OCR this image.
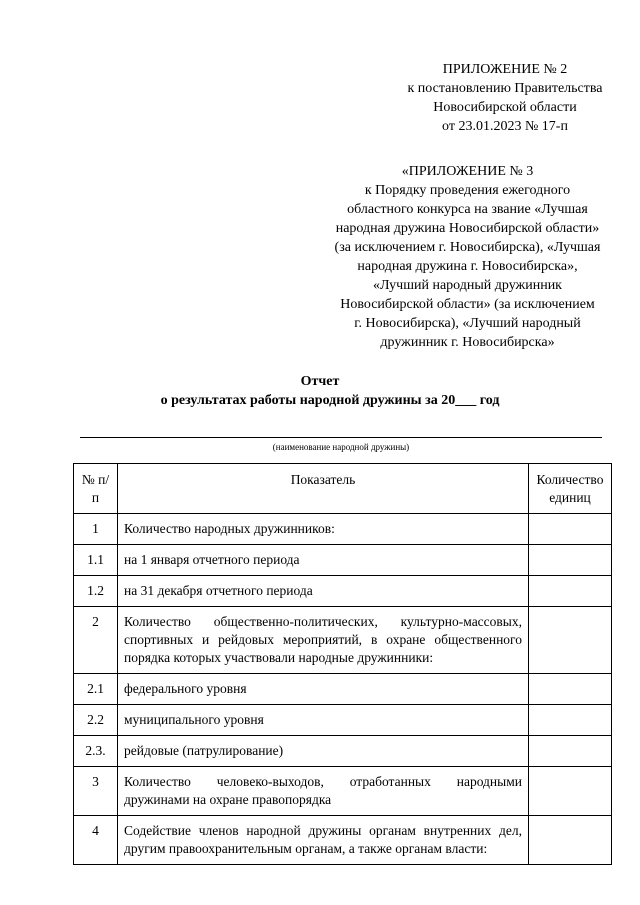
ПРИЛОЖЕНИЕ № 2
к постановлению Правительства
Новосибирской области
от 23.01.2023 № 17-п
«ПРИЛОЖЕНИЕ № 3
к Порядку проведения ежегодного
областного конкурса на звание «Лучшая
народная дружина Новосибирской области»
(за исключением г. Новосибирска), «Лучшая
народная дружина г. Новосибирска»,
«Лучший народный дружинник
Новосибирской области» (за исключением
г. Новосибирска), «Лучший народный
дружинник г. Новосибирска»
Отчет
о результатах работы народной дружины за 20___ год
(наименование народной дружины)
№ п/п	Показатель	Количество единиц
1	Количество народных дружинников:	
1.1	на 1 января отчетного периода	
1.2	на 31 декабря отчетного периода	
2	Количество общественно-политических, культурно-массовых, спортивных и рейдовых мероприятий, в охране общественного порядка которых участвовали народные дружинники:	
2.1	федерального уровня	
2.2	муниципального уровня	
2.3.	рейдовые (патрулирование)	
3	Количество человеко-выходов, отработанных народными дружинами на охране правопорядка	
4	Содействие членов народной дружины органам внутренних дел, другим правоохранительным органам, а также органам власти:	
